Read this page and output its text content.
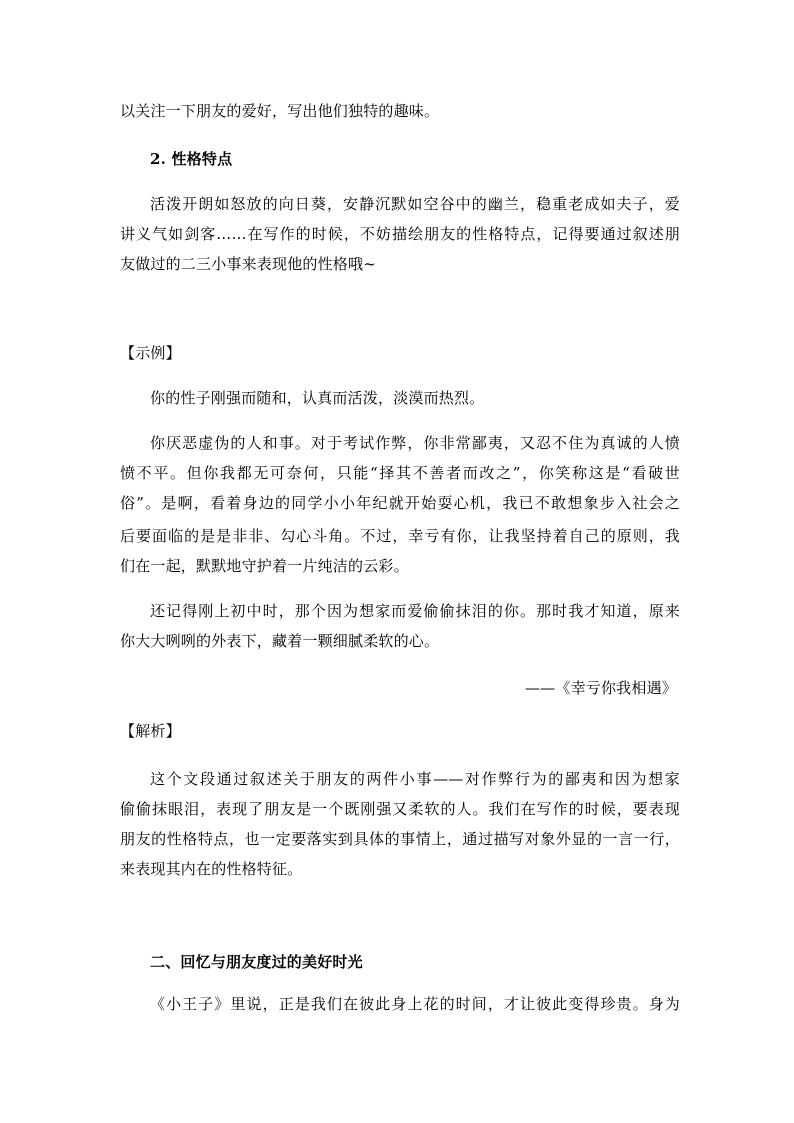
以关注一下朋友的爱好，写出他们独特的趣味。
2. 性格特点
活泼开朗如怒放的向日葵，安静沉默如空谷中的幽兰，稳重老成如夫子，爱
讲义气如剑客……在写作的时候，不妨描绘朋友的性格特点，记得要通过叙述朋
友做过的二三小事来表现他的性格哦~
【示例】
你的性子刚强而随和，认真而活泼，淡漠而热烈。
你厌恶虚伪的人和事。对于考试作弊，你非常鄙夷，又忍不住为真诚的人愤
愤不平。但你我都无可奈何，只能“择其不善者而改之”，你笑称这是“看破世
俗”。是啊，看着身边的同学小小年纪就开始耍心机，我已不敢想象步入社会之
后要面临的是是非非、勾心斗角。不过，幸亏有你，让我坚持着自己的原则，我
们在一起，默默地守护着一片纯洁的云彩。
还记得刚上初中时，那个因为想家而爱偷偷抹泪的你。那时我才知道，原来
你大大咧咧的外表下，藏着一颗细腻柔软的心。
——《幸亏你我相遇》
【解析】
这个文段通过叙述关于朋友的两件小事——对作弊行为的鄙夷和因为想家
偷偷抹眼泪，表现了朋友是一个既刚强又柔软的人。我们在写作的时候，要表现
朋友的性格特点，也一定要落实到具体的事情上，通过描写对象外显的一言一行，
来表现其内在的性格特征。
二、回忆与朋友度过的美好时光
《小王子》里说，正是我们在彼此身上花的时间，才让彼此变得珍贵。身为
